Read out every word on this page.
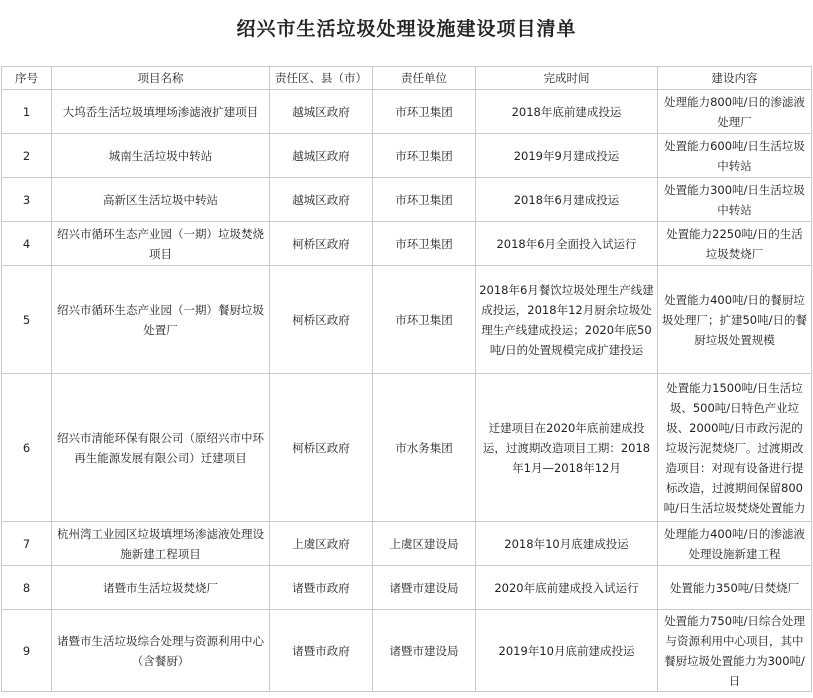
绍兴市生活垃圾处理设施建设项目清单
序号	项目名称	责任区、县（市）	责任单位	完成时间	建设内容
1	大坞岙生活垃圾填埋场渗滤液扩建项目	越城区政府	市环卫集团	2018年底前建成投运	处理能力800吨/日的渗滤液处理厂
2	城南生活垃圾中转站	越城区政府	市环卫集团	2019年9月建成投运	处置能力600吨/日生活垃圾中转站
3	高新区生活垃圾中转站	越城区政府	市环卫集团	2018年6月建成投运	处置能力300吨/日生活垃圾中转站
4	绍兴市循环生态产业园（一期）垃圾焚烧项目	柯桥区政府	市环卫集团	2018年6月全面投入试运行	处置能力2250吨/日的生活垃圾焚烧厂
5	绍兴市循环生态产业园（一期）餐厨垃圾处置厂	柯桥区政府	市环卫集团	2018年6月餐饮垃圾处理生产线建成投运，2018年12月厨余垃圾处理生产线建成投运；2020年底50吨/日的处置规模完成扩建投运	处置能力400吨/日的餐厨垃圾处理厂；扩建50吨/日的餐厨垃圾处置规模
6	绍兴市清能环保有限公司（原绍兴市中环再生能源发展有限公司）迁建项目	柯桥区政府	市水务集团	迁建项目在2020年底前建成投运，过渡期改造项目工期：2018年1月—2018年12月	处置能力1500吨/日生活垃圾、500吨/日特色产业垃圾、2000吨/日市政污泥的垃圾污泥焚烧厂。过渡期改造项目：对现有设备进行提标改造，过渡期间保留800吨/日生活垃圾焚烧处置能力
7	杭州湾工业园区垃圾填埋场渗滤液处理设施新建工程项目	上虞区政府	上虞区建设局	2018年10月底建成投运	处理能力400吨/日的渗滤液处理设施新建工程
8	诸暨市生活垃圾焚烧厂	诸暨市政府	诸暨市建设局	2020年底前建成投入试运行	处置能力350吨/日焚烧厂
9	诸暨市生活垃圾综合处理与资源利用中心（含餐厨）	诸暨市政府	诸暨市建设局	2019年10月底前建成投运	处置能力750吨/日综合处理与资源利用中心项目，其中餐厨垃圾处置能力为300吨/日
